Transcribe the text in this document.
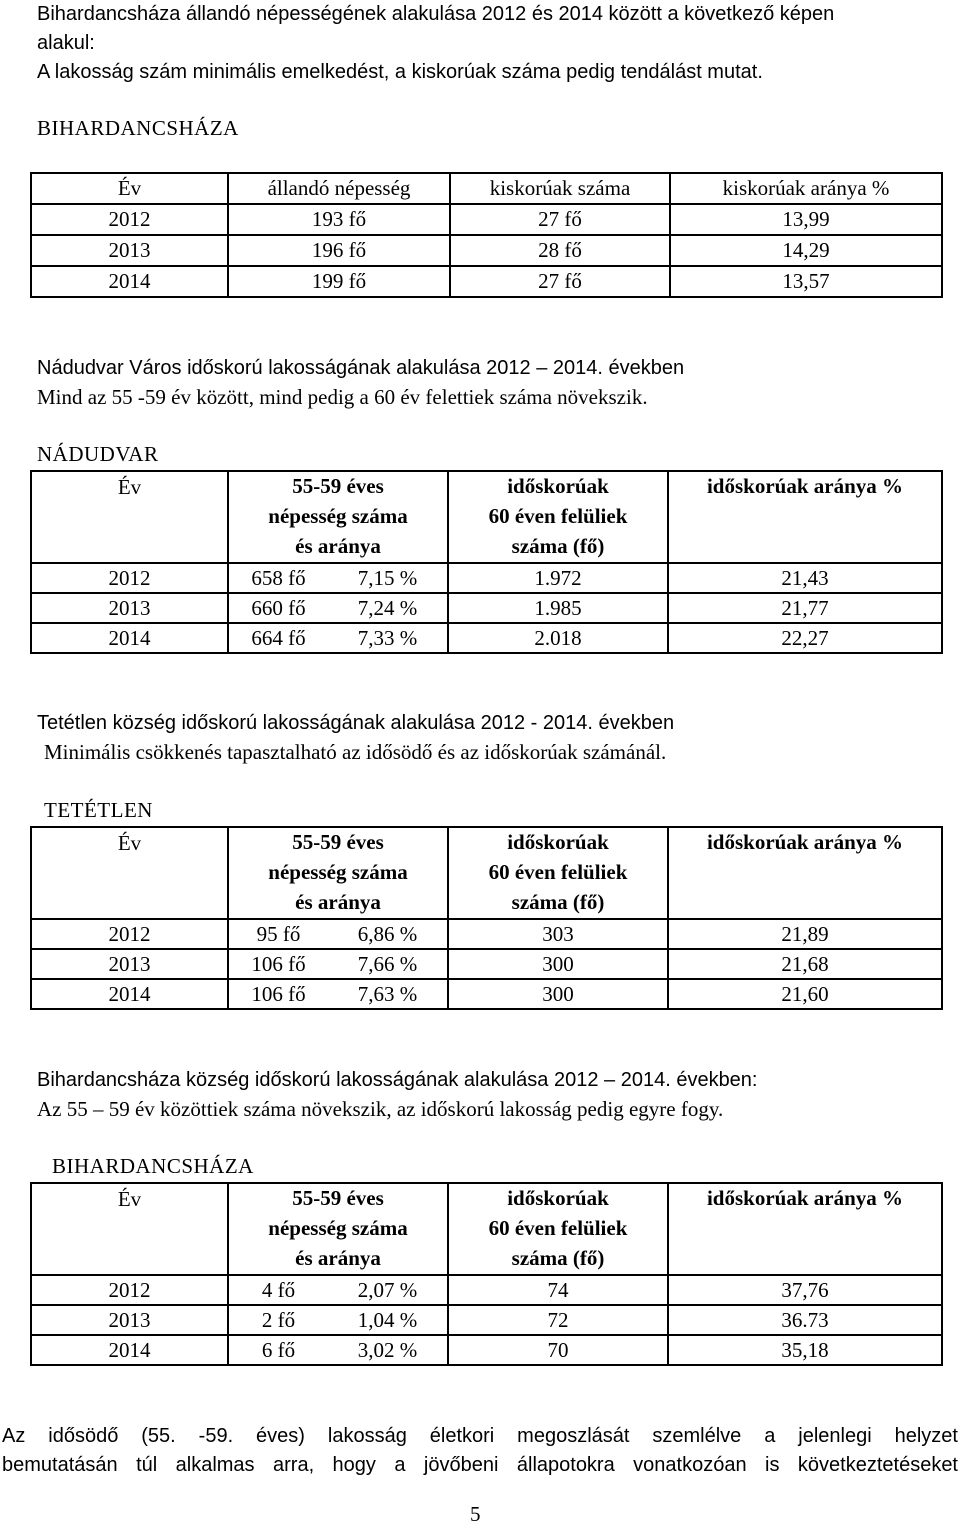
Bihardancsháza állandó népességének alakulása 2012 és 2014 között a következő képen
alakul:
A lakosság szám minimális emelkedést, a kiskorúak száma pedig tendálást mutat.
BIHARDANCSHÁZA
Év	állandó népesség	kiskorúak száma	kiskorúak aránya %
2012	193 fő	27 fő	13,99
2013	196 fő	28 fő	14,29
2014	199 fő	27 fő	13,57
Nádudvar Város időskorú lakosságának alakulása 2012 – 2014. években
Mind az 55 -59 év között, mind pedig a 60 év felettiek száma növekszik.
NÁDUDVAR
Év	55-59 éves		időskorúak	időskorúak aránya %
	népesség száma		60 éven felüliek	
	és aránya		száma (fő)	
2012	658 fő	7,15 %	1.972	21,43
2013	660 fő	7,24 %	1.985	21,77
2014	664 fő	7,33 %	2.018	22,27
Tetétlen község időskorú lakosságának alakulása 2012 - 2014. években
Minimális csökkenés tapasztalható az idősödő és az időskorúak számánál.
TETÉTLEN
Év	55-59 éves		időskorúak	időskorúak aránya %
	népesség száma		60 éven felüliek	
	és aránya		száma (fő)	
2012	95 fő	6,86 %	303	21,89
2013	106 fő	7,66 %	300	21,68
2014	106 fő	7,63 %	300	21,60
Bihardancsháza község időskorú lakosságának alakulása 2012 – 2014. években:
Az 55 – 59 év közöttiek száma növekszik, az időskorú lakosság pedig egyre fogy.
BIHARDANCSHÁZA
Év	55-59 éves		időskorúak	időskorúak aránya %
	népesség száma		60 éven felüliek	
	és aránya		száma (fő)	
2012	4 fő	2,07 %	74	37,76
2013	2 fő	1,04 %	72	36.73
2014	6 fő	3,02 %	70	35,18
Az idősödő (55. -59. éves) lakosság életkori megoszlását szemlélve a jelenlegi helyzet
bemutatásán túl alkalmas arra, hogy a jövőbeni állapotokra vonatkozóan is következtetéseket
5
